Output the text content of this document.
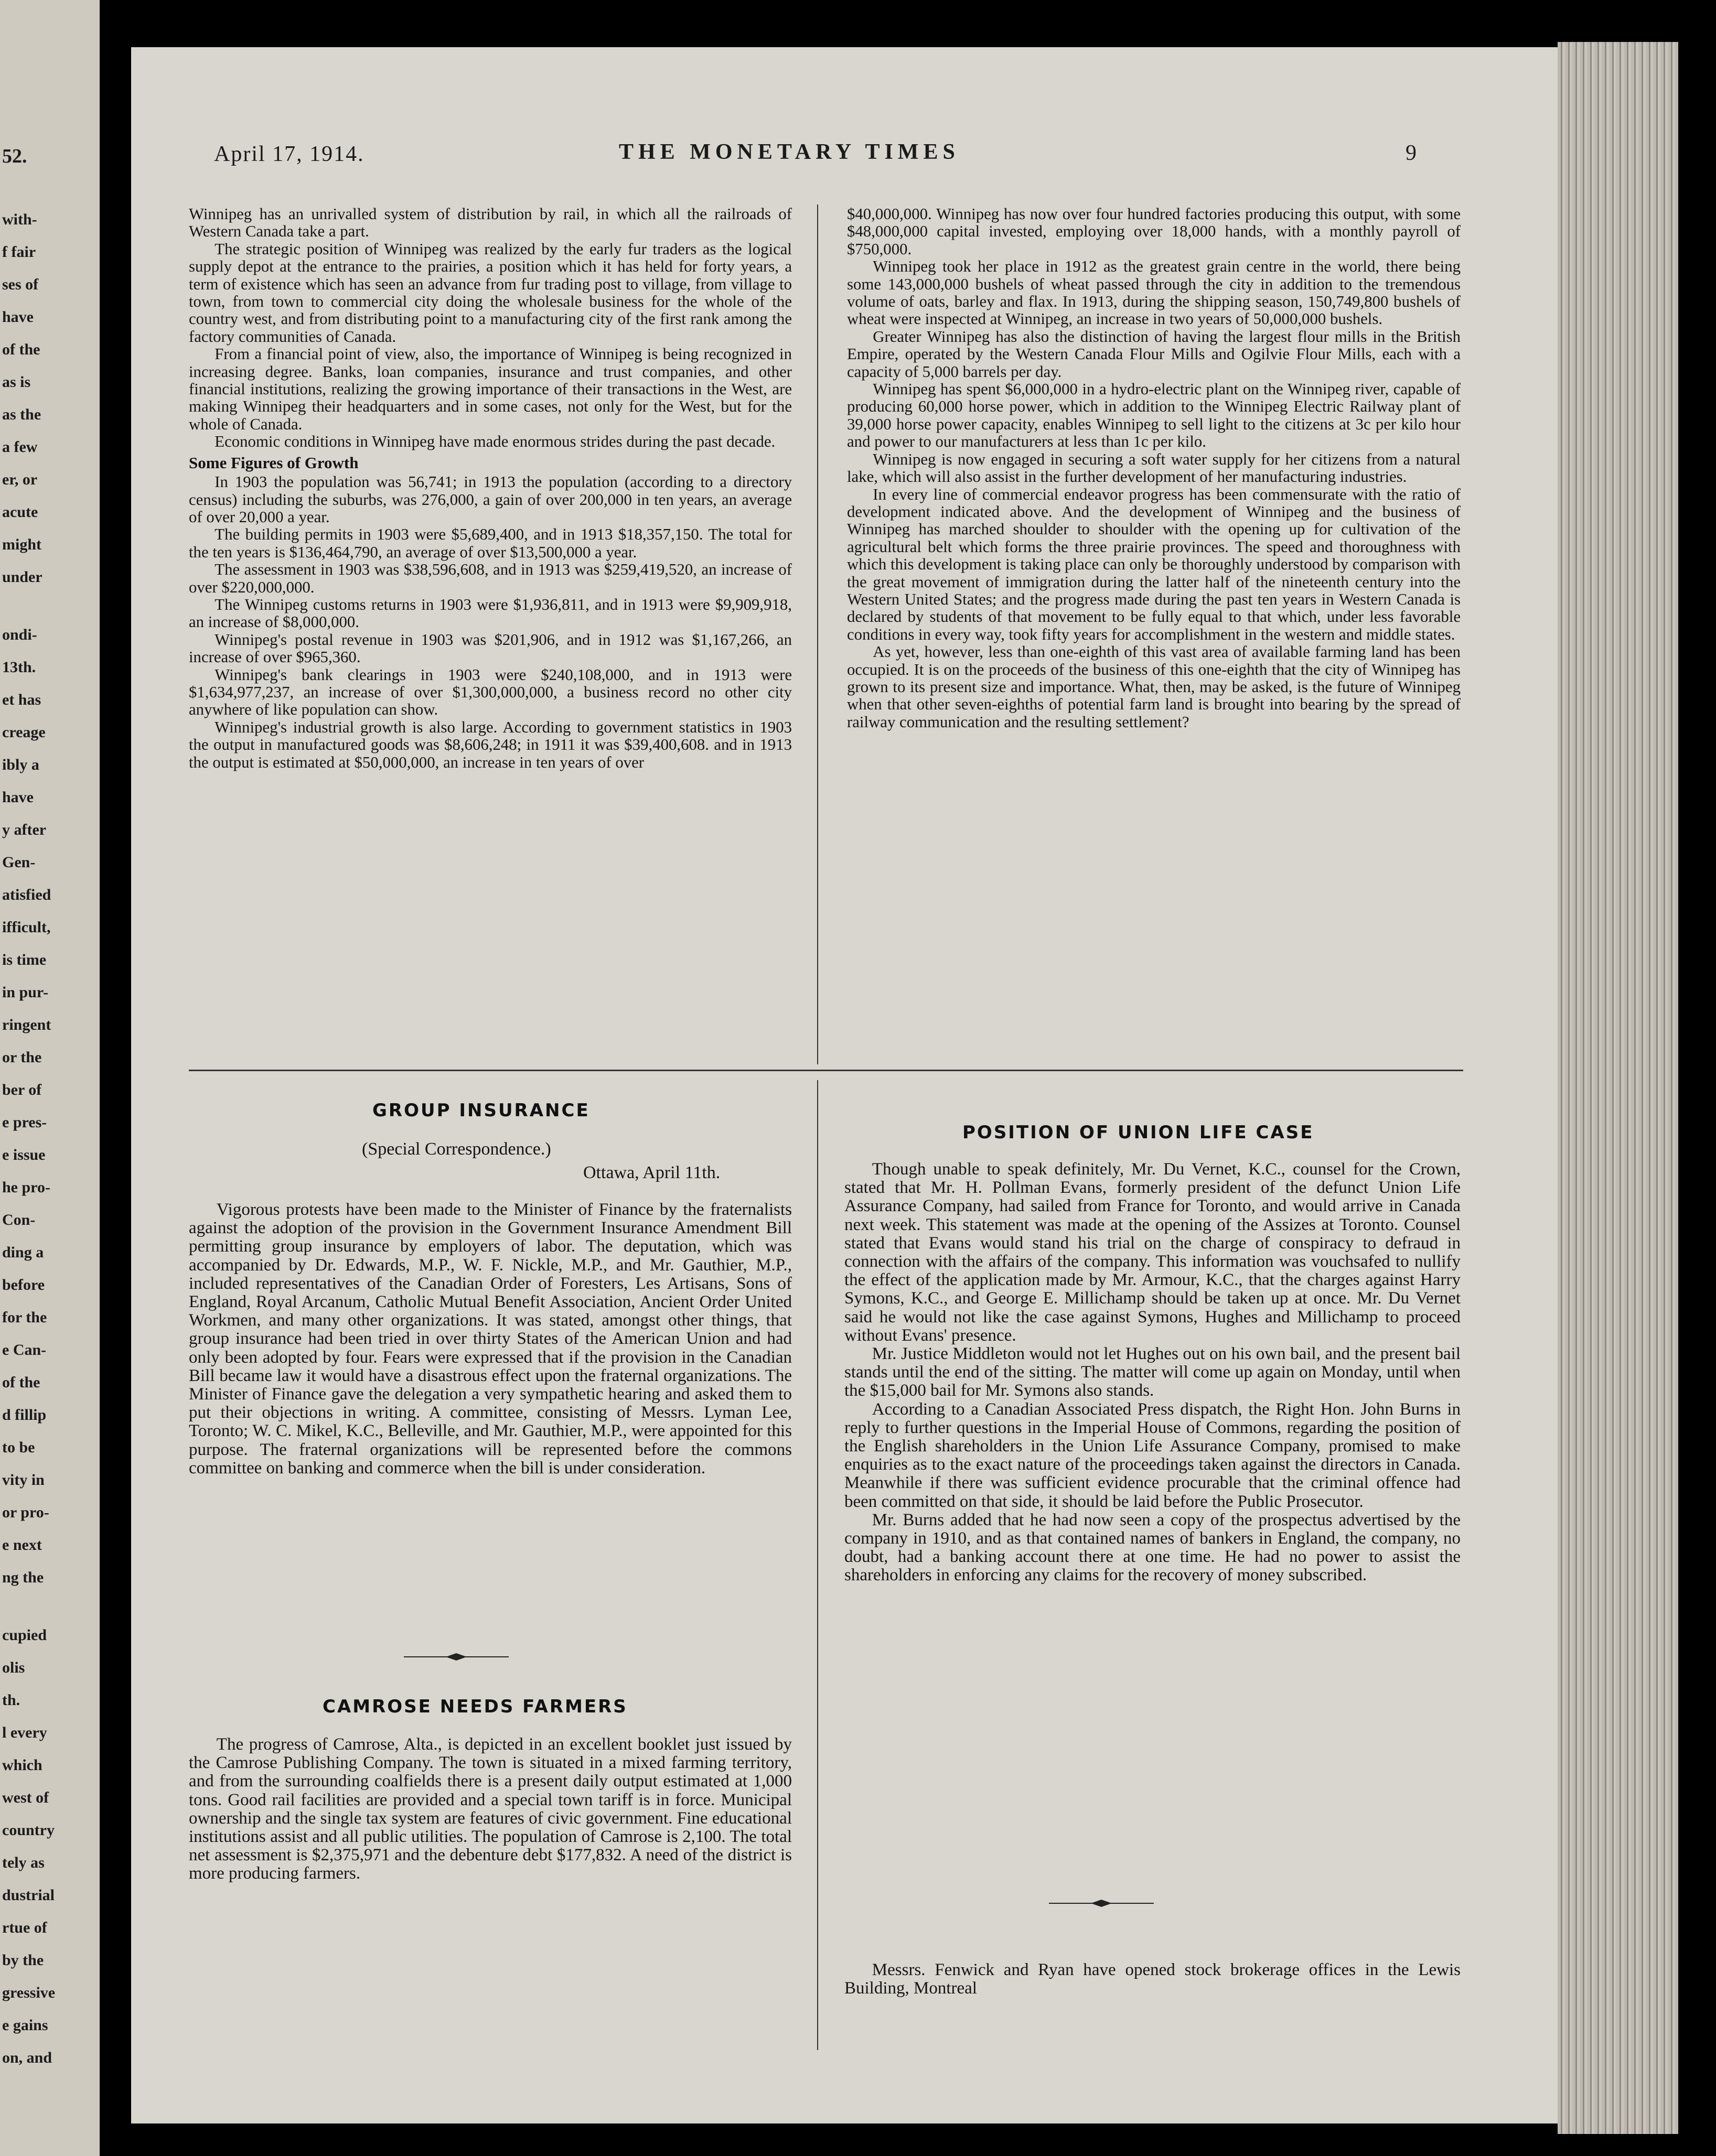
52.
with-
f fair
ses of
have
of the
as is
as the
a few
er, or
acute
might
under
ondi-
13th.
et has
creage
ibly a
have
y after
Gen-
atisfied
ifficult,
is time
in pur-
ringent
or the
ber of
e pres-
e issue
he pro-
Con-
ding a
before
for the
e Can-
of the
d fillip
to be
vity in
or pro-
e next
ng the
cupied
olis
th.
l every
which
west of
country
tely as
dustrial
rtue of
by the
gressive
e gains
on, and
April 17, 1914.	THE MONETARY TIMES	9

Winnipeg has an unrivalled system of distribution by rail, in which all the railroads of Western Canada take a part.

The strategic position of Winnipeg was realized by the early fur traders as the logical supply depot at the entrance to the prairies, a position which it has held for forty years, a term of existence which has seen an advance from fur trading post to village, from village to town, from town to commercial city doing the wholesale business for the whole of the country west, and from distributing point to a manufacturing city of the first rank among the factory communities of Canada.

From a financial point of view, also, the importance of Winnipeg is being recognized in increasing degree. Banks, loan companies, insurance and trust companies, and other financial institutions, realizing the growing importance of their transactions in the West, are making Winnipeg their headquarters and in some cases, not only for the West, but for the whole of Canada.

Economic conditions in Winnipeg have made enormous strides during the past decade.

Some Figures of Growth

In 1903 the population was 56,741; in 1913 the population (according to a directory census) including the suburbs, was 276,000, a gain of over 200,000 in ten years, an average of over 20,000 a year.

The building permits in 1903 were $5,689,400, and in 1913 $18,357,150. The total for the ten years is $136,464,790, an average of over $13,500,000 a year.

The assessment in 1903 was $38,596,608, and in 1913 was $259,419,520, an increase of over $220,000,000.

The Winnipeg customs returns in 1903 were $1,936,811, and in 1913 were $9,909,918, an increase of $8,000,000.

Winnipeg's postal revenue in 1903 was $201,906, and in 1912 was $1,167,266, an increase of over $965,360.

Winnipeg's bank clearings in 1903 were $240,108,000, and in 1913 were $1,634,977,237, an increase of over $1,300,000,000, a business record no other city anywhere of like population can show.

Winnipeg's industrial growth is also large. According to government statistics in 1903 the output in manufactured goods was $8,606,248; in 1911 it was $39,400,608. and in 1913 the output is estimated at $50,000,000, an increase in ten years of over

$40,000,000. Winnipeg has now over four hundred factories producing this output, with some $48,000,000 capital invested, employing over 18,000 hands, with a monthly payroll of $750,000.

Winnipeg took her place in 1912 as the greatest grain centre in the world, there being some 143,000,000 bushels of wheat passed through the city in addition to the tremendous volume of oats, barley and flax. In 1913, during the shipping season, 150,749,800 bushels of wheat were inspected at Winnipeg, an increase in two years of 50,000,000 bushels.

Greater Winnipeg has also the distinction of having the largest flour mills in the British Empire, operated by the Western Canada Flour Mills and Ogilvie Flour Mills, each with a capacity of 5,000 barrels per day.

Winnipeg has spent $6,000,000 in a hydro-electric plant on the Winnipeg river, capable of producing 60,000 horse power, which in addition to the Winnipeg Electric Railway plant of 39,000 horse power capacity, enables Winnipeg to sell light to the citizens at 3c per kilo hour and power to our manufacturers at less than 1c per kilo.

Winnipeg is now engaged in securing a soft water supply for her citizens from a natural lake, which will also assist in the further development of her manufacturing industries.

In every line of commercial endeavor progress has been commensurate with the ratio of development indicated above. And the development of Winnipeg and the business of Winnipeg has marched shoulder to shoulder with the opening up for cultivation of the agricultural belt which forms the three prairie provinces. The speed and thoroughness with which this development is taking place can only be thoroughly understood by comparison with the great movement of immigration during the latter half of the nineteenth century into the Western United States; and the progress made during the past ten years in Western Canada is declared by students of that movement to be fully equal to that which, under less favorable conditions in every way, took fifty years for accomplishment in the western and middle states.

As yet, however, less than one-eighth of this vast area of available farming land has been occupied. It is on the proceeds of the business of this one-eighth that the city of Winnipeg has grown to its present size and importance. What, then, may be asked, is the future of Winnipeg when that other seven-eighths of potential farm land is brought into bearing by the spread of railway communication and the resulting settlement?

GROUP INSURANCE
(Special Correspondence.)
Ottawa, April 11th.

Vigorous protests have been made to the Minister of Finance by the fraternalists against the adoption of the provision in the Government Insurance Amendment Bill permitting group insurance by employers of labor. The deputation, which was accompanied by Dr. Edwards, M.P., W. F. Nickle, M.P., and Mr. Gauthier, M.P., included representatives of the Canadian Order of Foresters, Les Artisans, Sons of England, Royal Arcanum, Catholic Mutual Benefit Association, Ancient Order United Workmen, and many other organizations. It was stated, amongst other things, that group insurance had been tried in over thirty States of the American Union and had only been adopted by four. Fears were expressed that if the provision in the Canadian Bill became law it would have a disastrous effect upon the fraternal organizations. The Minister of Finance gave the delegation a very sympathetic hearing and asked them to put their objections in writing. A committee, consisting of Messrs. Lyman Lee, Toronto; W. C. Mikel, K.C., Belleville, and Mr. Gauthier, M.P., were appointed for this purpose. The fraternal organizations will be represented before the commons committee on banking and commerce when the bill is under consideration.

CAMROSE NEEDS FARMERS

The progress of Camrose, Alta., is depicted in an excellent booklet just issued by the Camrose Publishing Company. The town is situated in a mixed farming territory, and from the surrounding coalfields there is a present daily output estimated at 1,000 tons. Good rail facilities are provided and a special town tariff is in force. Municipal ownership and the single tax system are features of civic government. Fine educational institutions assist and all public utilities. The population of Camrose is 2,100. The total net assessment is $2,375,971 and the debenture debt $177,832. A need of the district is more producing farmers.

POSITION OF UNION LIFE CASE

Though unable to speak definitely, Mr. Du Vernet, K.C., counsel for the Crown, stated that Mr. H. Pollman Evans, formerly president of the defunct Union Life Assurance Company, had sailed from France for Toronto, and would arrive in Canada next week. This statement was made at the opening of the Assizes at Toronto. Counsel stated that Evans would stand his trial on the charge of conspiracy to defraud in connection with the affairs of the company. This information was vouchsafed to nullify the effect of the application made by Mr. Armour, K.C., that the charges against Harry Symons, K.C., and George E. Millichamp should be taken up at once. Mr. Du Vernet said he would not like the case against Symons, Hughes and Millichamp to proceed without Evans' presence.

Mr. Justice Middleton would not let Hughes out on his own bail, and the present bail stands until the end of the sitting. The matter will come up again on Monday, until when the $15,000 bail for Mr. Symons also stands.

According to a Canadian Associated Press dispatch, the Right Hon. John Burns in reply to further questions in the Imperial House of Commons, regarding the position of the English shareholders in the Union Life Assurance Company, promised to make enquiries as to the exact nature of the proceedings taken against the directors in Canada. Meanwhile if there was sufficient evidence procurable that the criminal offence had been committed on that side, it should be laid before the Public Prosecutor.

Mr. Burns added that he had now seen a copy of the prospectus advertised by the company in 1910, and as that contained names of bankers in England, the company, no doubt, had a banking account there at one time. He had no power to assist the shareholders in enforcing any claims for the recovery of money subscribed.

Messrs. Fenwick and Ryan have opened stock brokerage offices in the Lewis Building, Montreal
